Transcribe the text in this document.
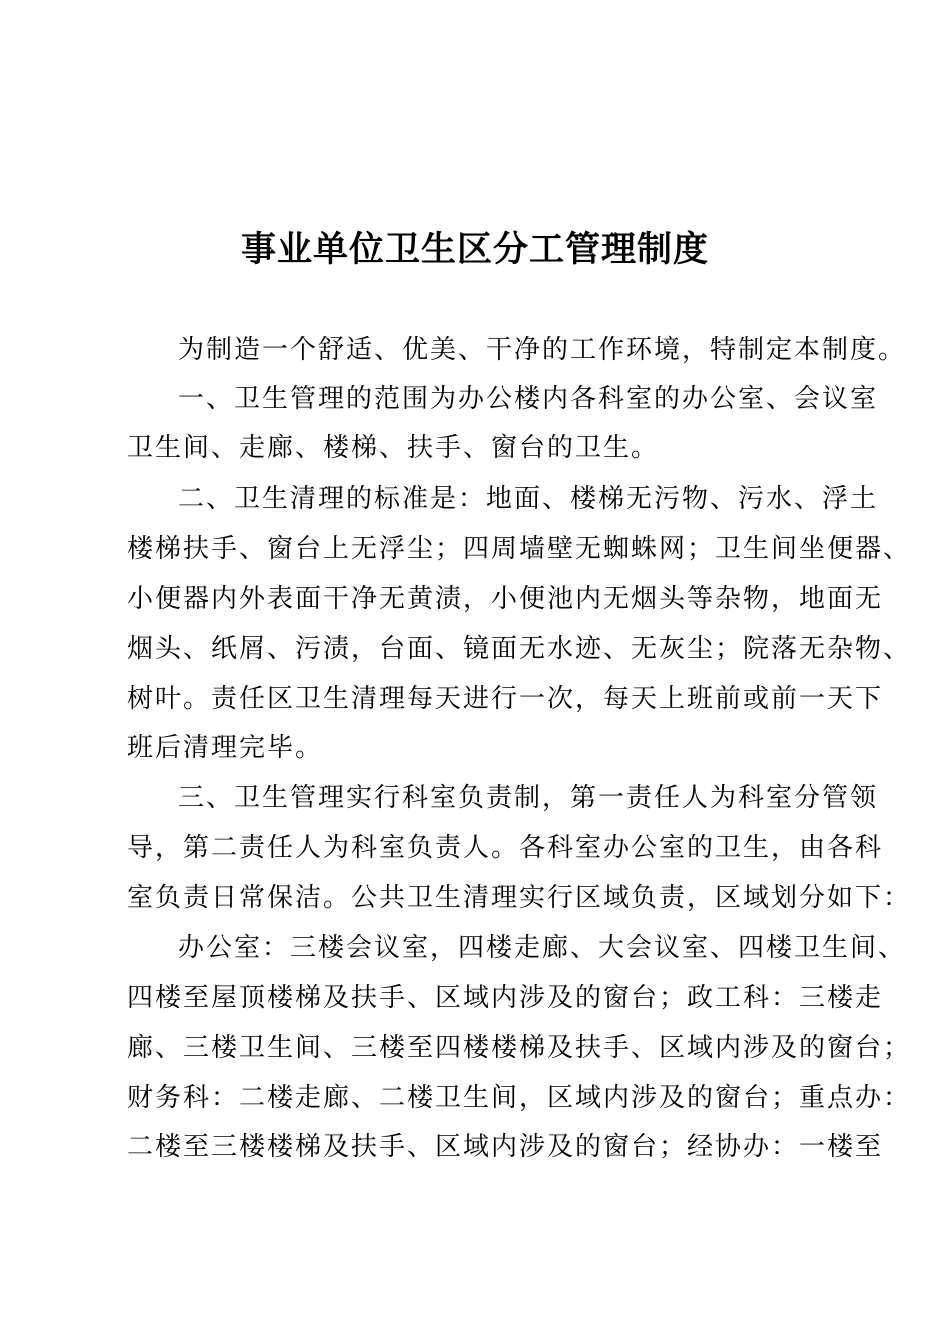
事业单位卫生区分工管理制度

为制造一个舒适、优美、干净的工作环境，特制定本制度。

一、卫生管理的范围为办公楼内各科室的办公室、会议室

卫生间、走廊、楼梯、扶手、窗台的卫生。

二、卫生清理的标准是：地面、楼梯无污物、污水、浮土

楼梯扶手、窗台上无浮尘；四周墙壁无蜘蛛网；卫生间坐便器、

小便器内外表面干净无黄渍，小便池内无烟头等杂物，地面无

烟头、纸屑、污渍，台面、镜面无水迹、无灰尘；院落无杂物、

树叶。责任区卫生清理每天进行一次，每天上班前或前一天下

班后清理完毕。

三、卫生管理实行科室负责制，第一责任人为科室分管领

导，第二责任人为科室负责人。各科室办公室的卫生，由各科

室负责日常保洁。公共卫生清理实行区域负责，区域划分如下：

办公室：三楼会议室，四楼走廊、大会议室、四楼卫生间、

四楼至屋顶楼梯及扶手、区域内涉及的窗台；政工科：三楼走

廊、三楼卫生间、三楼至四楼楼梯及扶手、区域内涉及的窗台；

财务科：二楼走廊、二楼卫生间，区域内涉及的窗台；重点办：

二楼至三楼楼梯及扶手、区域内涉及的窗台；经协办：一楼至
